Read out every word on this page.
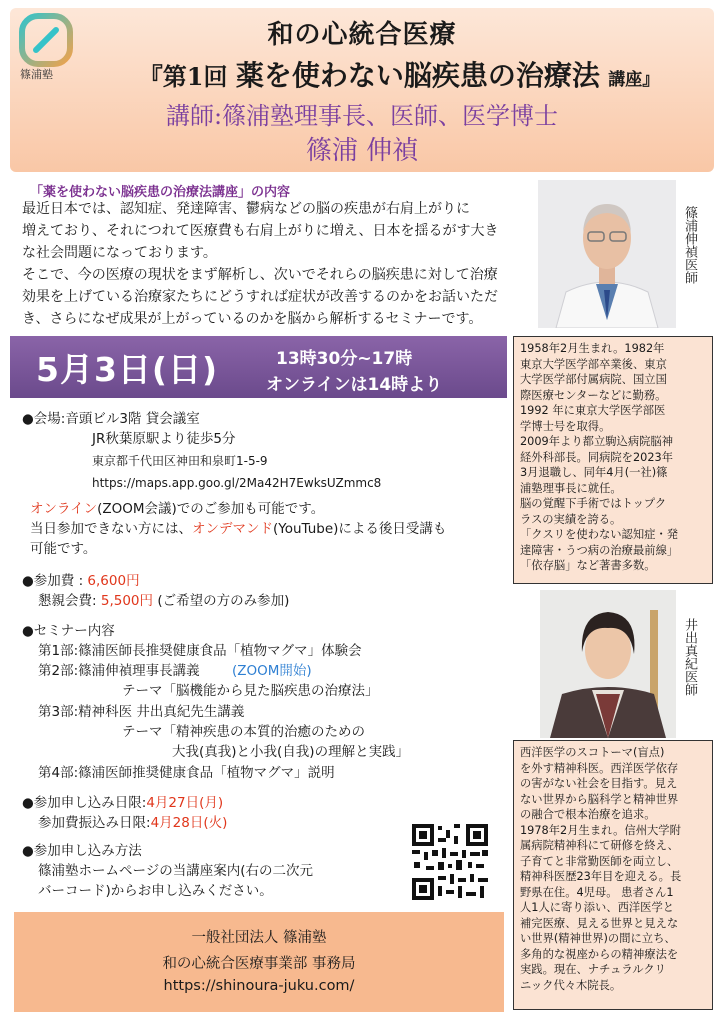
篠浦塾
和の心統合医療
『第1回 薬を使わない脳疾患の治療法 講座』
講師:篠浦塾理事長、医師、医学博士
篠浦 伸禎
「薬を使わない脳疾患の治療法講座」の内容
最近日本では、認知症、発達障害、鬱病などの脳の疾患が右肩上がりに
増えており、それにつれて医療費も右肩上がりに増え、日本を揺るがす大き
な社会問題になっております。
そこで、今の医療の現状をまず解析し、次いでそれらの脳疾患に対して治療
効果を上げている治療家たちにどうすれば症状が改善するのかをお話いただ
き、さらになぜ成果が上がっているのかを脳から解析するセミナーです。
篠浦伸禎医師
5月3日(日)	13時30分~17時
オンラインは14時より
1958年2月生まれ。1982年
東京大学医学部卒業後、東京
大学医学部付属病院、国立国
際医療センターなどに勤務。
1992 年に東京大学医学部医
学博士号を取得。
2009年より都立駒込病院脳神
経外科部長。同病院を2023年
3月退職し、同年4月(一社)篠
浦塾理事長に就任。
脳の覚醒下手術ではトップク
ラスの実績を誇る。
「クスリを使わない認知症・発
達障害・うつ病の治療最前線」
「依存脳」など著書多数。
●会場:音頭ビル3階 貸会議室
JR秋葉原駅より徒歩5分
東京都千代田区神田和泉町1-5-9
https://maps.app.goo.gl/2Ma42H7EwksUZmmc8
オンライン(ZOOM会議)でのご参加も可能です。
当日参加できない方には、オンデマンド(YouTube)による後日受講も
可能です。
●参加費 : 6,600円
懇親会費: 5,500円 (ご希望の方のみ参加)
●セミナー内容
第1部:篠浦医師長推奨健康食品「植物マグマ」体験会
第2部:篠浦伸禎理事長講義 (ZOOM開始)
テーマ「脳機能から見た脳疾患の治療法」
第3部:精神科医 井出真紀先生講義
テーマ「精神疾患の本質的治癒のための
大我(真我)と小我(自我)の理解と実践」
第4部:篠浦医師推奨健康食品「植物マグマ」説明
●参加申し込み日限:4月27日(月)
参加費振込み日限:4月28日(火)
●参加申し込み方法
篠浦塾ホームページの当講座案内(右の二次元
バーコード)からお申し込みください。
井出真紀医師
西洋医学のスコトーマ(盲点)
を外す精神科医。西洋医学依存
の害がない社会を目指す。見え
ない世界から脳科学と精神世界
の融合で根本治療を追求。
1978年2月生まれ。信州大学附
属病院精神科にて研修を終え、
子育てと非常勤医師を両立し、
精神科医歴23年目を迎える。長
野県在住。4児母。 患者さん1
人1人に寄り添い、西洋医学と
補完医療、見える世界と見えな
い世界(精神世界)の間に立ち、
多角的な視座からの精神療法を
実践。現在、ナチュラルクリ
ニック代々木院長。
一般社団法人 篠浦塾
和の心統合医療事業部 事務局
https://shinoura-juku.com/
